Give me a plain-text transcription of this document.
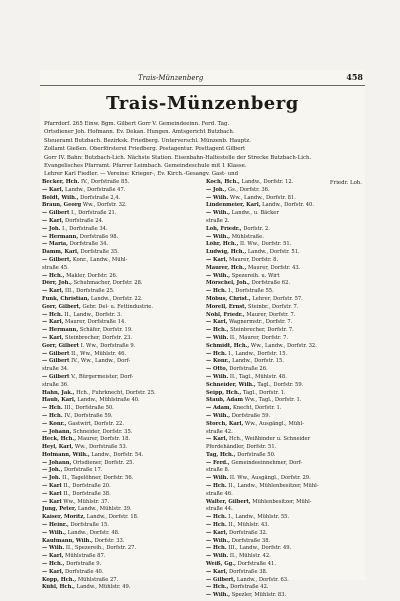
Trais-Münzenberg	458
Trais-Münzenberg
Pfarrdorf. 265 Einw. Bgm. Gilbert Gorr V. Gemeindeeinn. Ferd. Tag.
Ortsdiener Joh. Hofmann. Ev. Dekan. Hungen. Amtsgericht Butzbach.
Steueramt Butzbach. Bezirksk. Friedberg. Unterverschl. Münzenb. Hauptz.
Zollamt Gießen. Oberförsterei Friedberg. Postagentur. Posttagent Gilbert
Gorr IV. Bahn: Butzbach-Lich. Nächste Station. Eisenbahn-Haltestelle der Strecke Butzbach-Lich.
Evangelisches Pfarramt. Pfarrer Leimbach. Gemeindeschule mit 1 Klasse.
Lehrer Karl Fiedler. — Vereine: Krieger-, Ev. Kirch.-Gesangv. Gast- und
Friedr. Loh.
Becker, Hch. IV., Dorfstraße 85.
— Karl, Landw., Dorfstraße 47.
Boldt, Wilh., Dorfstraße 2,4.
Braun, Georg Ww., Dorfstr. 32.
— Gilbert I., Dorfstraße 21.
— Karl, Dorfstraße 24.
— Joh. I., Dorfstraße 34.
— Hermann, Dorfstraße 98.
— Maria, Dorfstraße 34.
Damm, Karl, Dorfstraße 35.
— Gilbert, Konr., Landw., Mühl-
straße 45.
— Hch., Makler, Dorfstr. 26.
Dörr, Joh., Schuhmacher, Dorfstr. 28.
— Karl, III., Dorfstraße 25.
Funk, Christian, Landw., Dorfstr. 22.
Gorr, Gilbert, Gebr. Del- u. Fettindustrie.
— Hch. II., Landw., Dorfstr. 3.
— Karl, Maurer, Dorfstraße 14.
— Hermann, Schäfer, Dorfstr. 19.
— Karl, Steinbrecher, Dorfstr. 23.
Gorr, Gilbert I. Ww., Dorfstraße 9.
— Gilbert II., Ww., Mühlstr. 46.
— Gilbert IV., Ww., Landw., Dorf-
straße 34.
— Gilbert V., Bürgermeister, Dorf-
straße 36.
Hahn, Jak., Hch., Fuhrknecht, Dorfstr. 25.
Haub, Karl, Landw., Mühlstraße 40.
— Hch. III., Dorfstraße 50.
— Hch. IV., Dorfstraße 59.
— Konr., Gastwirt, Dorfstr. 22.
— Johann, Schneider, Dorfstr. 35.
Heck, Hch., Maurer, Dorfstr. 18.
Heyl, Karl, Ww., Dorfstraße 53.
Hofmann, Wilh., Landw., Dorfstr. 54.
— Johann, Ortsdiener, Dorfstr. 25.
— Joh., Dorfstraße 17.
— Joh. II., Tagelöhner, Dorfstr. 56.
— Karl II., Dorfstraße 20.
— Karl II., Dorfstraße 38.
— Karl Ww., Mühlstr. 37.
Jung, Peter, Landw., Mühlstr. 39.
Kaiser, Moritz, Landw., Dorfstr. 18.
— Heinr., Dorfstraße 15.
— Wilh., Landw., Dorfstr. 48.
Kaufmann, Wilh., Dorfstr. 33.
— Wilh. II., Spezereih., Dorfstr. 27.
— Karl, Mühlstraße 87.
— Hch., Dorfstraße 9.
— Karl, Dorfstraße 40.
Kopp, Hch., Mühlstraße 27.
Kühl, Hch., Landw., Mühlstr. 49.
Koch, Hch., Landw., Dorfstr. 12.
— Joh., Gs., Dorfstr. 36.
— Wilh. Ww., Landw., Dorfstr. 81.
Lindenmeier, Karl, Landw., Dorfstr. 40.
— Wilh., Landw., u. Bäcker
straße 2.
Loh, Friedr., Dorfstr. 2.
— Wilh., Mühlstraße.
Löhr, Hch., II. Ww., Dorfstr. 51.
Ludwig, Hch., Landw., Dorfstr. 51.
— Karl, Maurer, Dorfstr. 8.
Maurer, Hch., Maurer, Dorfstr. 43.
— Wilh., Spezereih. u. Wirt
Mörschel, Joh., Dorfstraße 62.
— Hch. I., Dorfstraße 55.
Möbus, Christ., Lehrer, Dorfstr. 57.
Morell, Ernst, Steinbr., Dorfstr. 7.
Nohl, Friedr., Maurer, Dorfstr. 7.
— Karl, Wagnermstr., Dorfstr. 7.
— Hch., Steinbrecher, Dorfstr. 7.
— Wilh. II., Maurer, Dorfstr. 7.
Schmidt, Hch., Ww., Landw., Dorfstr. 32.
— Hch. I., Landw., Dorfstr. 15.
— Konr., Landw., Dorfstr. 15.
— Otto, Dorfstraße 26.
— Wilh. II., Tagl., Mühlstr. 48.
Schneider, Wilh., Tagl., Dorfstr. 59.
Seipp, Hch., Tagl., Dorfstr. 1.
Staub, Adam Ww., Tagl., Dorfstr. 1.
— Adam, Knecht, Dorfstr. 1.
— Wilh., Dorfstraße 59.
Storch, Karl, Ww., Ausgängl., Mühl-
straße 42.
— Karl, Hch., Weißbinder u. Schneider
Pferdehändler, Dorfstr. 51.
Tag, Hch., Dorfstraße 50.
— Ferd., Gemeindeeinnehmer, Dorf-
straße 8.
— Wilh. II. Ww., Ausgängl., Dorfstr. 29.
— Hch. II., Landw., Mühlenbesitzer, Mühl-
straße 46.
Walter, Gilbert, Mühlenbesitzer, Mühl-
straße 44.
— Hch. I., Landw., Mühlstr. 55.
— Hch. II., Mühlstr. 43.
— Karl, Dorfstraße 32.
— Wilh., Dorfstraße 38.
— Hch. III., Landw., Dorfstr. 49.
— Wilh. II., Mühlstr. 42.
Weiß, Gg., Dorfstraße 41.
— Karl, Dorfstraße 38.
— Gilbert, Landw., Dorfstr. 63.
— Hch., Dorfstraße 42.
— Wilh., Spezler, Mühlstr. 83.
